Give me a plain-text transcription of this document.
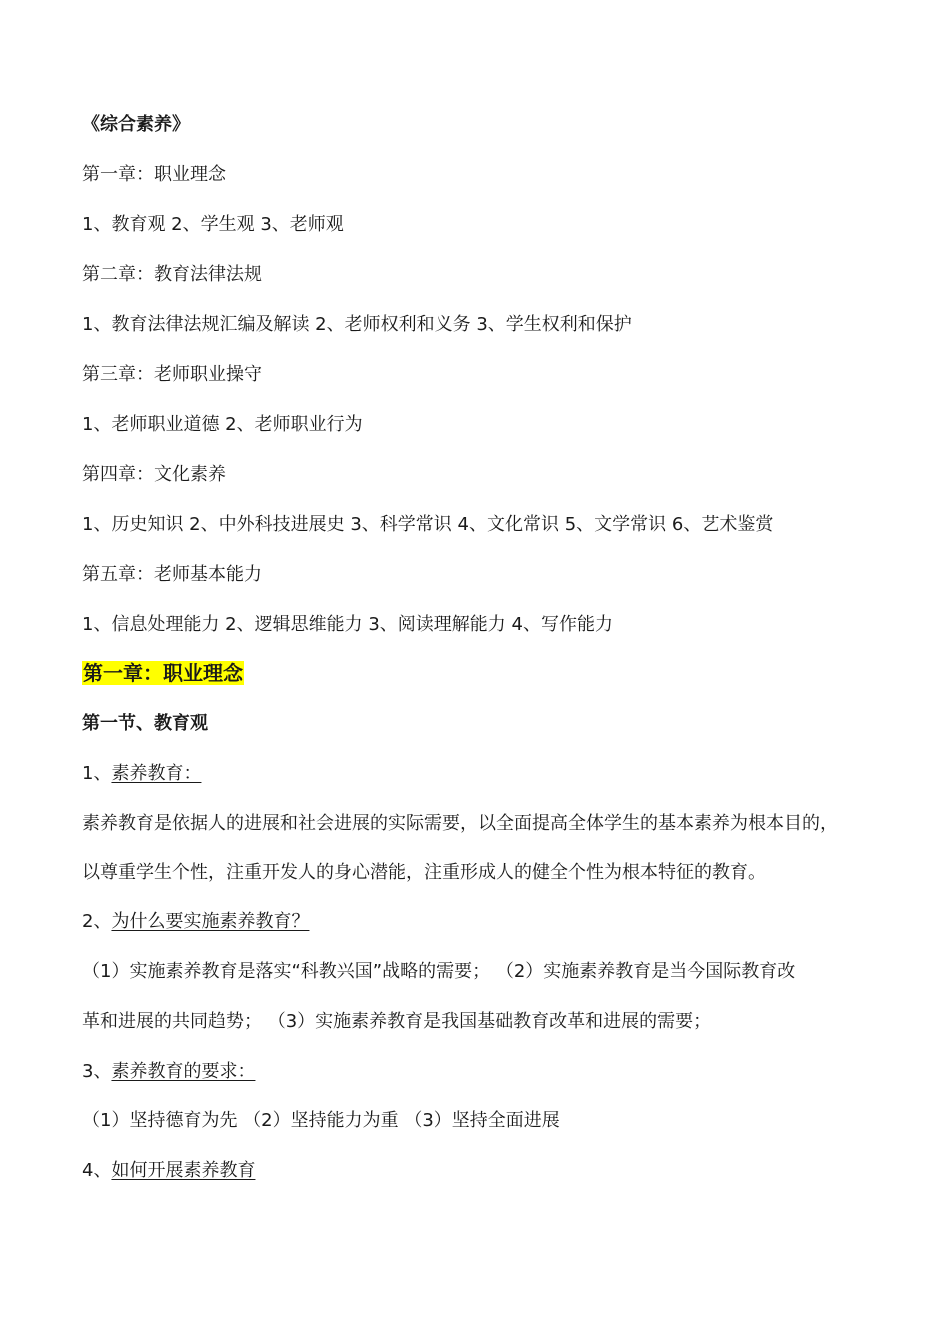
《综合素养》
第一章：职业理念
1、教育观 2、学生观 3、老师观
第二章：教育法律法规
1、教育法律法规汇编及解读 2、老师权利和义务 3、学生权利和保护
第三章：老师职业操守
1、老师职业道德 2、老师职业行为
第四章：文化素养
1、历史知识 2、中外科技进展史 3、科学常识 4、文化常识 5、文学常识 6、艺术鉴赏
第五章：老师基本能力
1、信息处理能力 2、逻辑思维能力 3、阅读理解能力 4、写作能力
第一章：职业理念
第一节、教育观
1、素养教育：
素养教育是依据人的进展和社会进展的实际需要，以全面提高全体学生的基本素养为根本目的，
以尊重学生个性，注重开发人的身心潜能，注重形成人的健全个性为根本特征的教育。
2、为什么要实施素养教育？
（1）实施素养教育是落实“科教兴国”战略的需要； （2）实施素养教育是当今国际教育改
革和进展的共同趋势； （3）实施素养教育是我国基础教育改革和进展的需要；
3、素养教育的要求：
（1）坚持德育为先 （2）坚持能力为重 （3）坚持全面进展
4、如何开展素养教育
